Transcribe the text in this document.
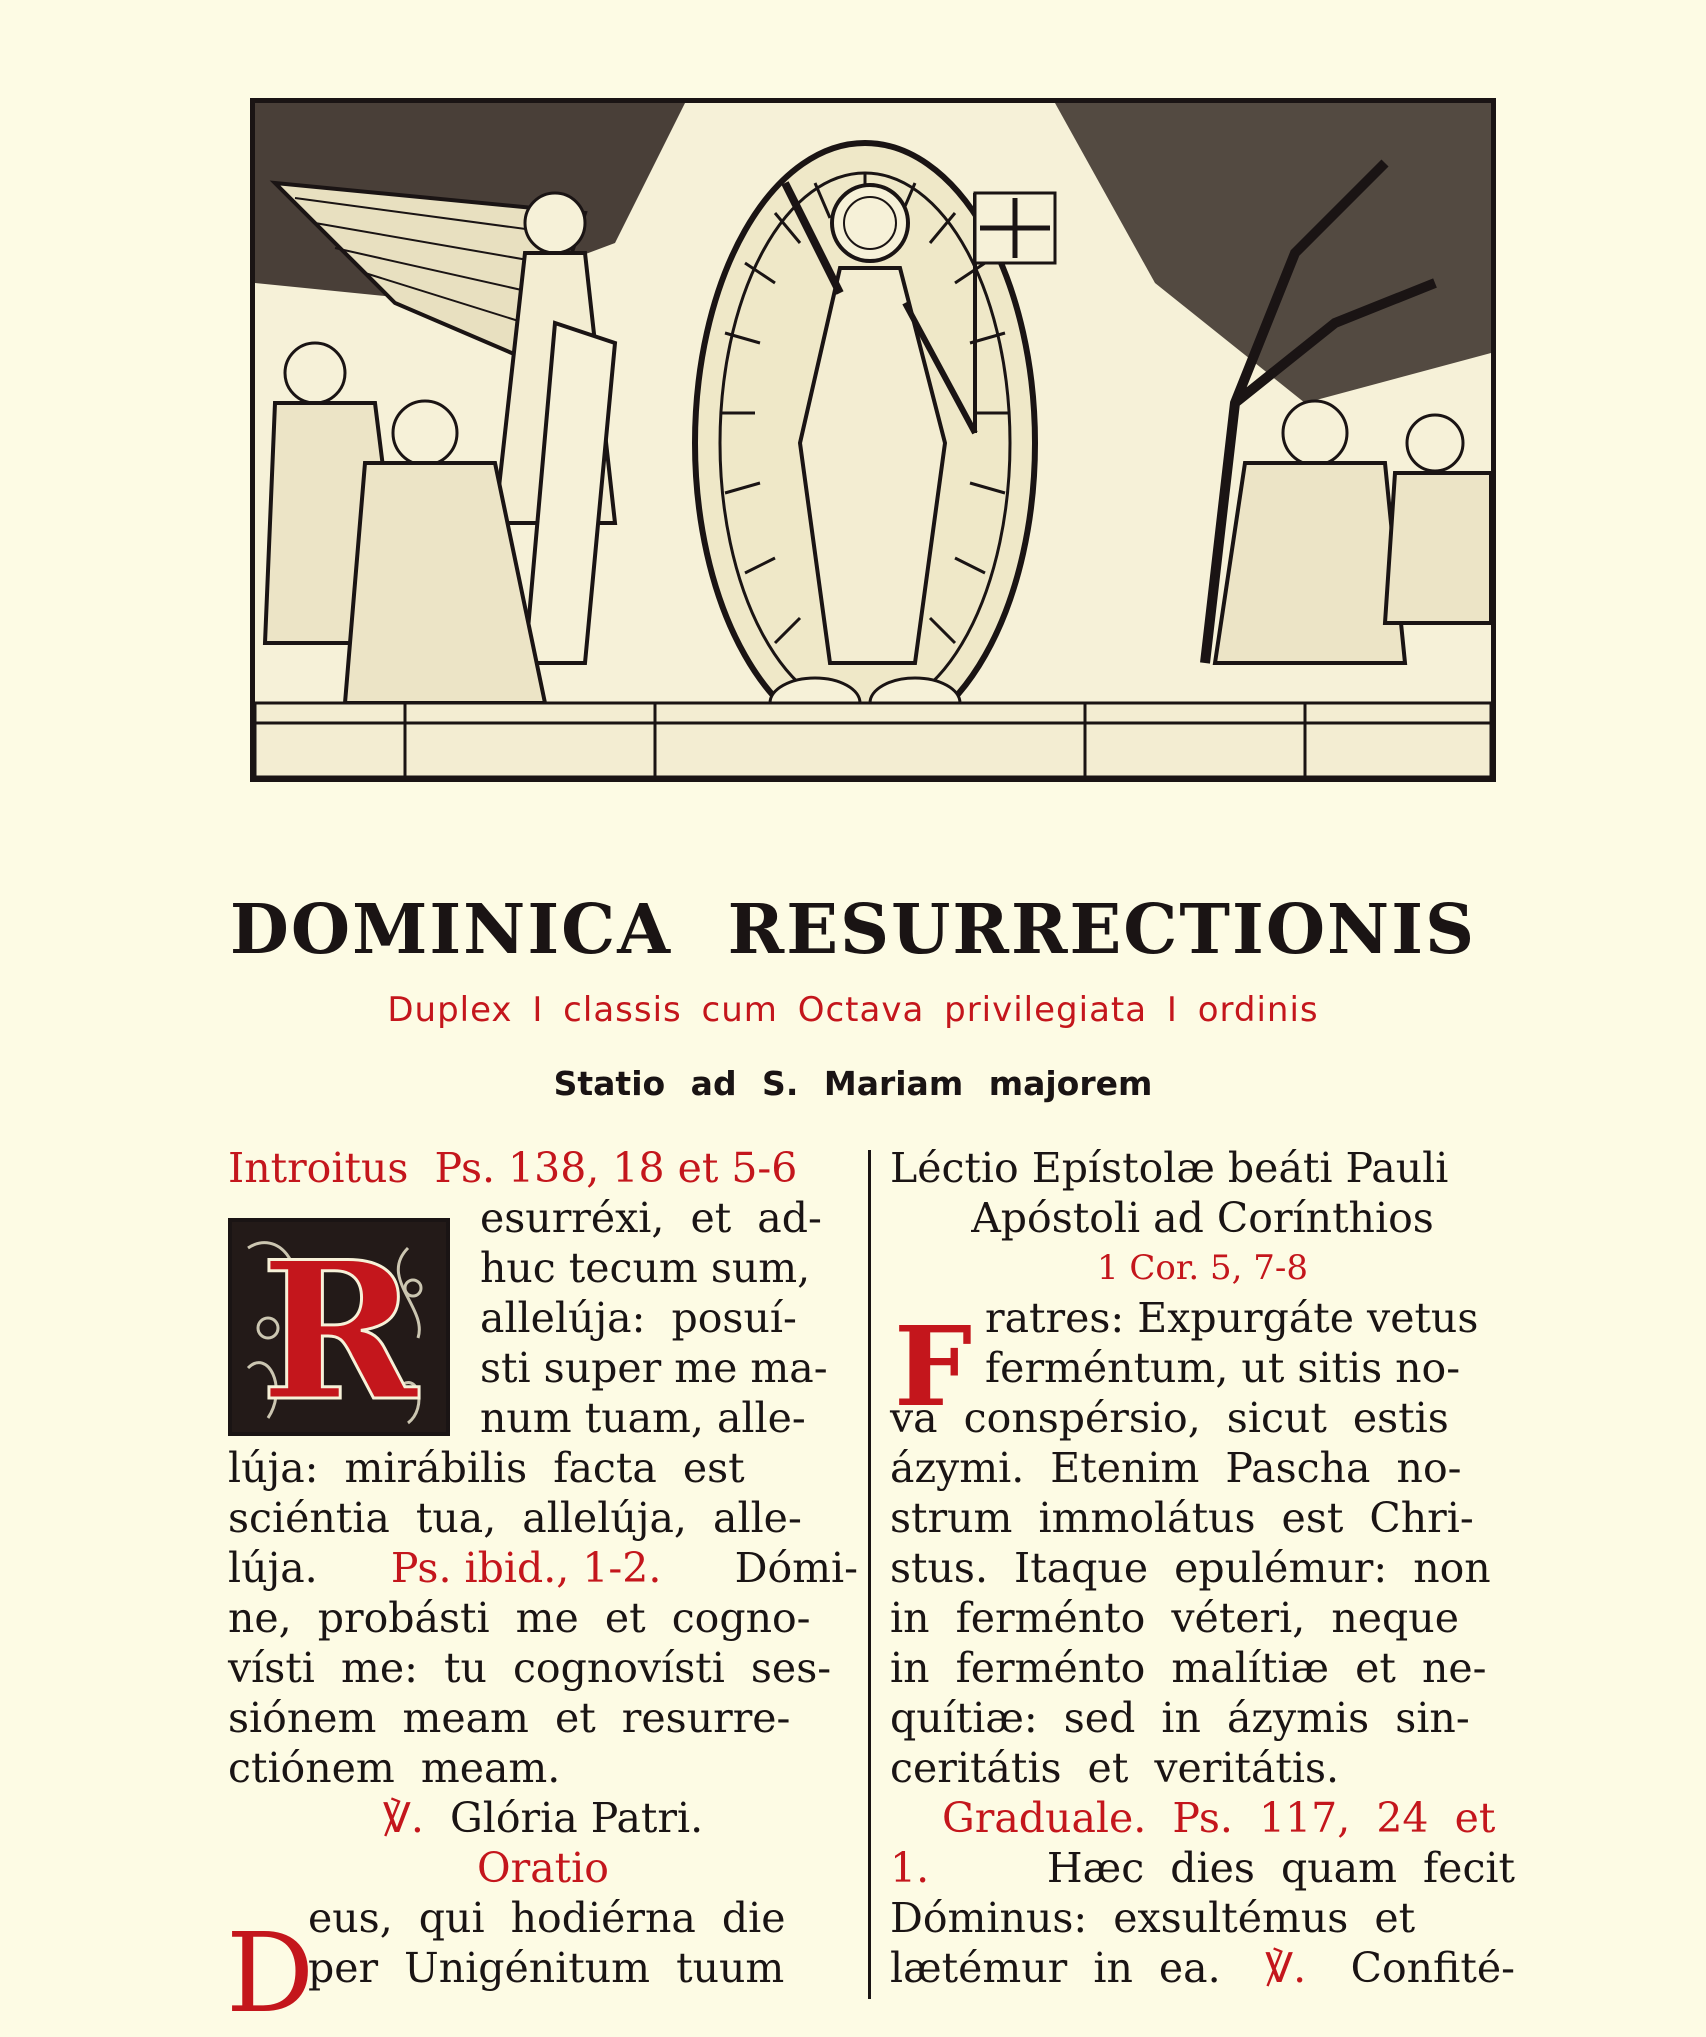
DOMINICA RESURRECTIONIS
Duplex I classis cum Octava privilegiata I ordinis
Statio ad S. Mariam majorem
Introitus  Ps. 138, 18 et 5-6
esurréxi,  et  ad-
huc tecum sum,
allelúja:  posuí-
sti super me ma-
num tuam, alle-
lúja:  mirábilis  facta  est
sciéntia  tua,  allelúja,  alle-
lúja. Ps. ibid., 1-2. Dómi-
ne,  probásti  me  et  cogno-
vísti  me:  tu  cognovísti  ses-
siónem  meam  et  resurre-
ctiónem  meam.
℣.
Glória Patri.
Oratio
eus,  qui  hodiérna  die
per  Unigénitum  tuum
R
D
Léctio Epístolæ beáti Pauli
Apóstoli ad Corínthios
1 Cor. 5, 7-8
ratres: Expurgáte vetus
ferméntum, ut sitis no-
va  conspérsio,  sicut  estis
ázymi.  Etenim  Pascha  no-
strum  immolátus  est  Chri-
stus.  Itaque  epulémur:  non
in  ferménto  véteri,  neque
in  ferménto  malítiæ  et  ne-
quítiæ:  sed  in  ázymis  sin-
ceritátis  et  veritátis.
Graduale.  Ps.  117,  24  et
1.	Hæc  dies  quam  fecit
Dóminus:  exsultémus  et
lætémur  in  ea. ℣. Confité-
F
